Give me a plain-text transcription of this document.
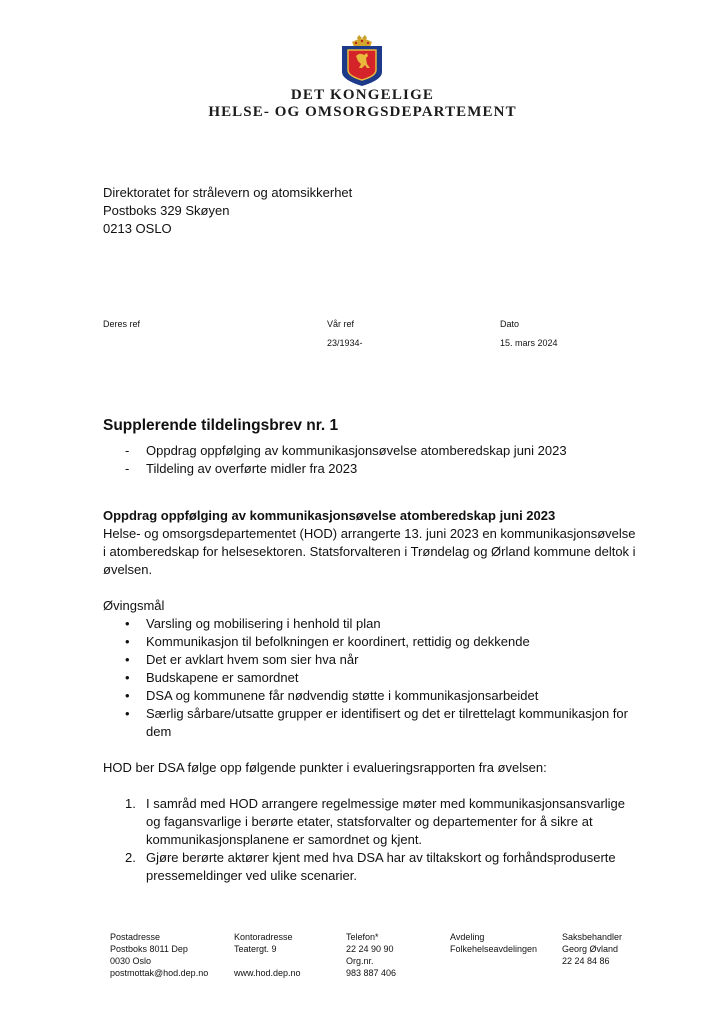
DET KONGELIGE
HELSE- OG OMSORGSDEPARTEMENT
Direktoratet for strålevern og atomsikkerhet
Postboks 329 Skøyen
0213 OSLO
Deres ref	Vår ref
23/1934-
Dato
15. mars 2024
Supplerende tildelingsbrev nr. 1
- Oppdrag oppfølging av kommunikasjonsøvelse atomberedskap juni 2023
- Tildeling av overførte midler fra 2023
Oppdrag oppfølging av kommunikasjonsøvelse atomberedskap juni 2023
Helse- og omsorgsdepartementet (HOD) arrangerte 13. juni 2023 en kommunikasjonsøvelse
i atomberedskap for helsesektoren. Statsforvalteren i Trøndelag og Ørland kommune deltok i
øvelsen.
Øvingsmål
• Varsling og mobilisering i henhold til plan
• Kommunikasjon til befolkningen er koordinert, rettidig og dekkende
• Det er avklart hvem som sier hva når
• Budskapene er samordnet
• DSA og kommunene får nødvendig støtte i kommunikasjonsarbeidet
• Særlig sårbare/utsatte grupper er identifisert og det er tilrettelagt kommunikasjon for
dem
HOD ber DSA følge opp følgende punkter i evalueringsrapporten fra øvelsen:
1. I samråd med HOD arrangere regelmessige møter med kommunikasjonsansvarlige
og fagansvarlige i berørte etater, statsforvalter og departementer for å sikre at
kommunikasjonsplanene er samordnet og kjent.
2. Gjøre berørte aktører kjent med hva DSA har av tiltakskort og forhåndsproduserte
pressemeldinger ved ulike scenarier.
Postadresse
Postboks 8011 Dep
0030 Oslo
postmottak@hod.dep.no
Kontoradresse
Teatergt. 9

www.hod.dep.no
Telefon*
22 24 90 90
Org.nr.
983 887 406
Avdeling
Folkehelseavdelingen
Saksbehandler
Georg Øvland
22 24 84 86
